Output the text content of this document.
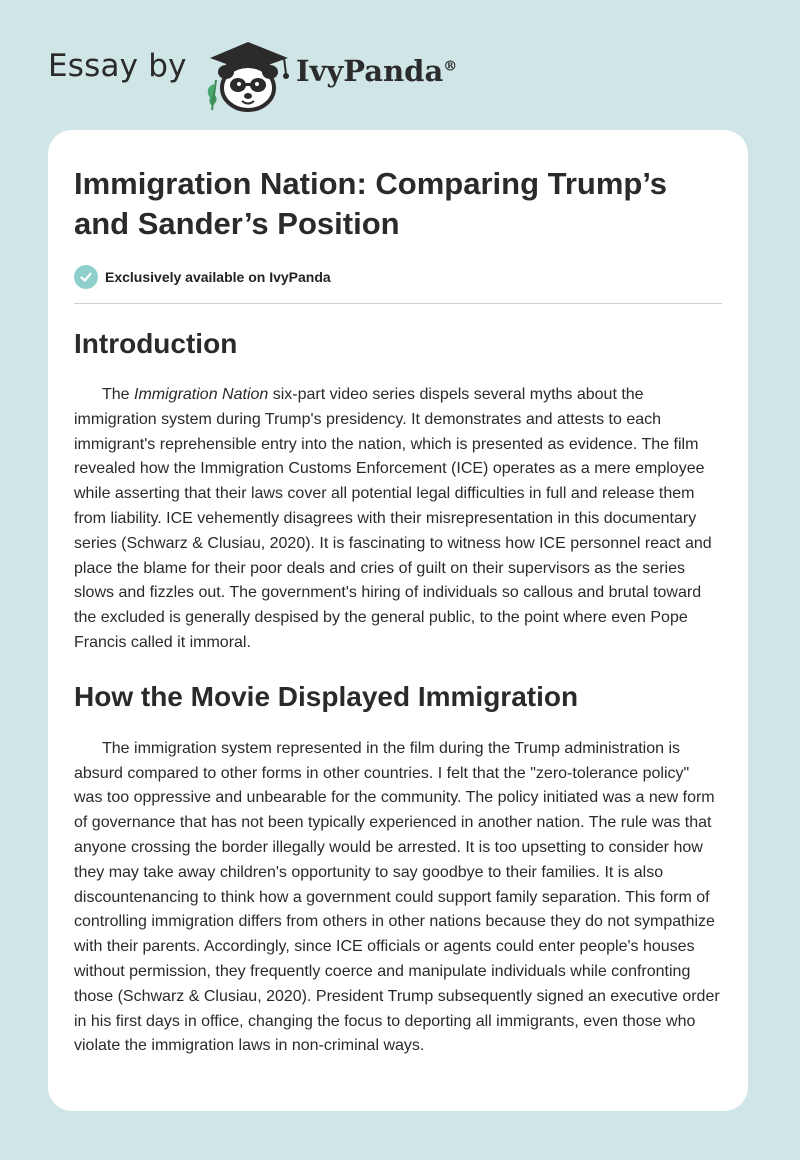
Essay by	IvyPanda®
Immigration Nation: Comparing Trump’s and Sander’s Position
Exclusively available on IvyPanda
Introduction

The Immigration Nation six-part video series dispels several myths about the immigration system during Trump's presidency. It demonstrates and attests to each immigrant's reprehensible entry into the nation, which is presented as evidence. The film revealed how the Immigration Customs Enforcement (ICE) operates as a mere employee while asserting that their laws cover all potential legal difficulties in full and release them from liability. ICE vehemently disagrees with their misrepresentation in this documentary series (Schwarz & Clusiau, 2020). It is fascinating to witness how ICE personnel react and place the blame for their poor deals and cries of guilt on their supervisors as the series slows and fizzles out. The government's hiring of individuals so callous and brutal toward the excluded is generally despised by the general public, to the point where even Pope Francis called it immoral.

How the Movie Displayed Immigration

The immigration system represented in the film during the Trump administration is absurd compared to other forms in other countries. I felt that the "zero-tolerance policy" was too oppressive and unbearable for the community. The policy initiated was a new form of governance that has not been typically experienced in another nation. The rule was that anyone crossing the border illegally would be arrested. It is too upsetting to consider how they may take away children's opportunity to say goodbye to their families. It is also discountenancing to think how a government could support family separation. This form of controlling immigration differs from others in other nations because they do not sympathize with their parents. Accordingly, since ICE officials or agents could enter people's houses without permission, they frequently coerce and manipulate individuals while confronting those (Schwarz & Clusiau, 2020). President Trump subsequently signed an executive order in his first days in office, changing the focus to deporting all immigrants, even those who violate the immigration laws in non-criminal ways.
